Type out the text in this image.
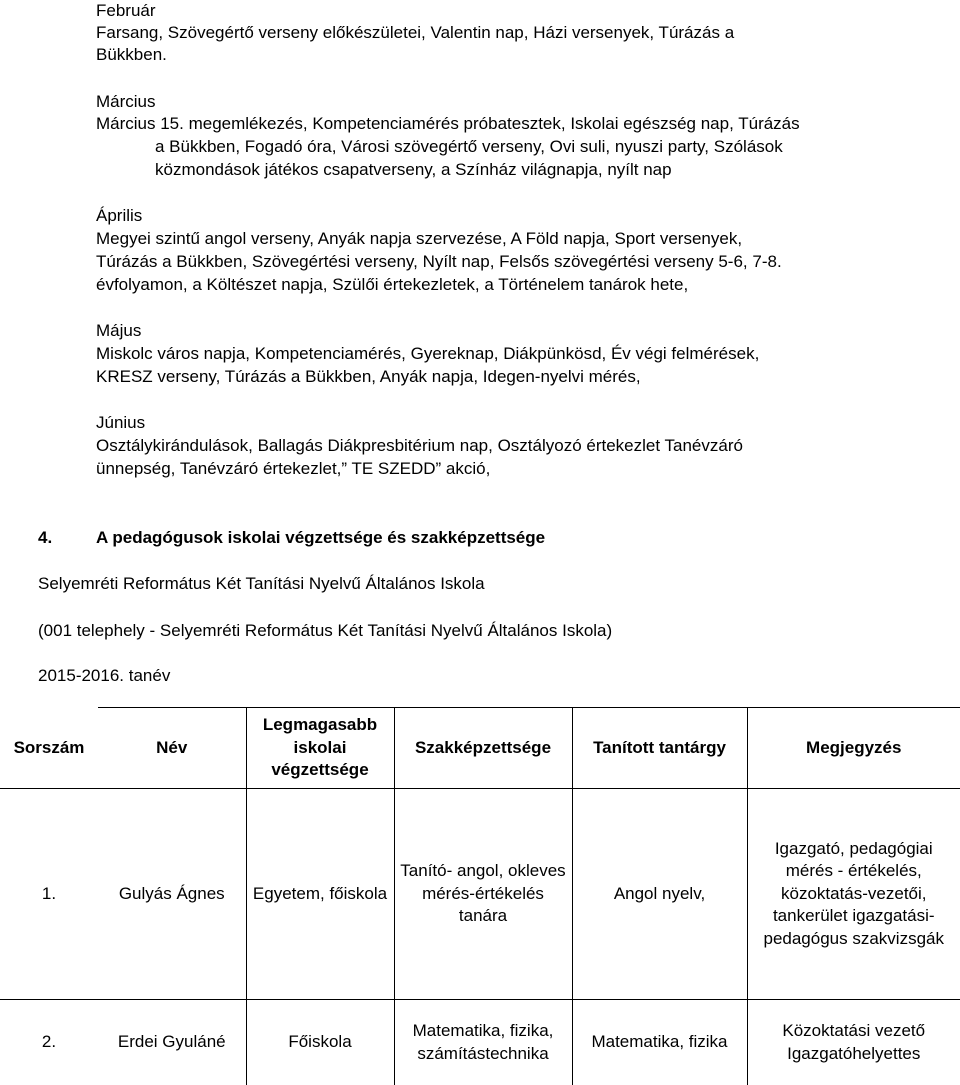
Február
Farsang, Szövegértő verseny előkészületei, Valentin nap, Házi versenyek, Túrázás a
Bükkben.
Március
Március 15. megemlékezés, Kompetenciamérés próbatesztek, Iskolai egészség nap, Túrázás
a Bükkben, Fogadó óra, Városi szövegértő verseny, Ovi suli, nyuszi party, Szólások
közmondások játékos csapatverseny, a Színház világnapja, nyílt nap
Április
Megyei szintű angol verseny, Anyák napja szervezése, A Föld napja, Sport versenyek,
Túrázás a Bükkben, Szövegértési verseny, Nyílt nap, Felsős szövegértési verseny 5-6, 7-8.
évfolyamon, a Költészet napja, Szülői értekezletek, a Történelem tanárok hete,
Május
Miskolc város napja, Kompetenciamérés, Gyereknap, Diákpünkösd, Év végi felmérések,
KRESZ verseny, Túrázás a Bükkben, Anyák napja, Idegen-nyelvi mérés,
Június
Osztálykirándulások, Ballagás Diákpresbitérium nap, Osztályozó értekezlet Tanévzáró
ünnepség, Tanévzáró értekezlet,” TE SZEDD” akció,
4.	A pedagógusok iskolai végzettsége és szakképzettsége
Selyemréti Református Két Tanítási Nyelvű Általános Iskola
(001 telephely - Selyemréti Református Két Tanítási Nyelvű Általános Iskola)
2015-2016. tanév
Sorszám	Név	Legmagasabb iskolai végzettsége	Szakképzettsége	Tanított tantárgy	Megjegyzés
1.	Gulyás Ágnes	Egyetem, főiskola	Tanító- angol, okleves mérés-értékelés tanára	Angol nyelv,	Igazgató, pedagógiai mérés - értékelés, közoktatás-vezetői, tankerület igazgatási-pedagógus szakvizsgák
2.	Erdei Gyuláné	Főiskola	Matematika, fizika, számítástechnika	Matematika, fizika	Közoktatási vezető Igazgatóhelyettes
